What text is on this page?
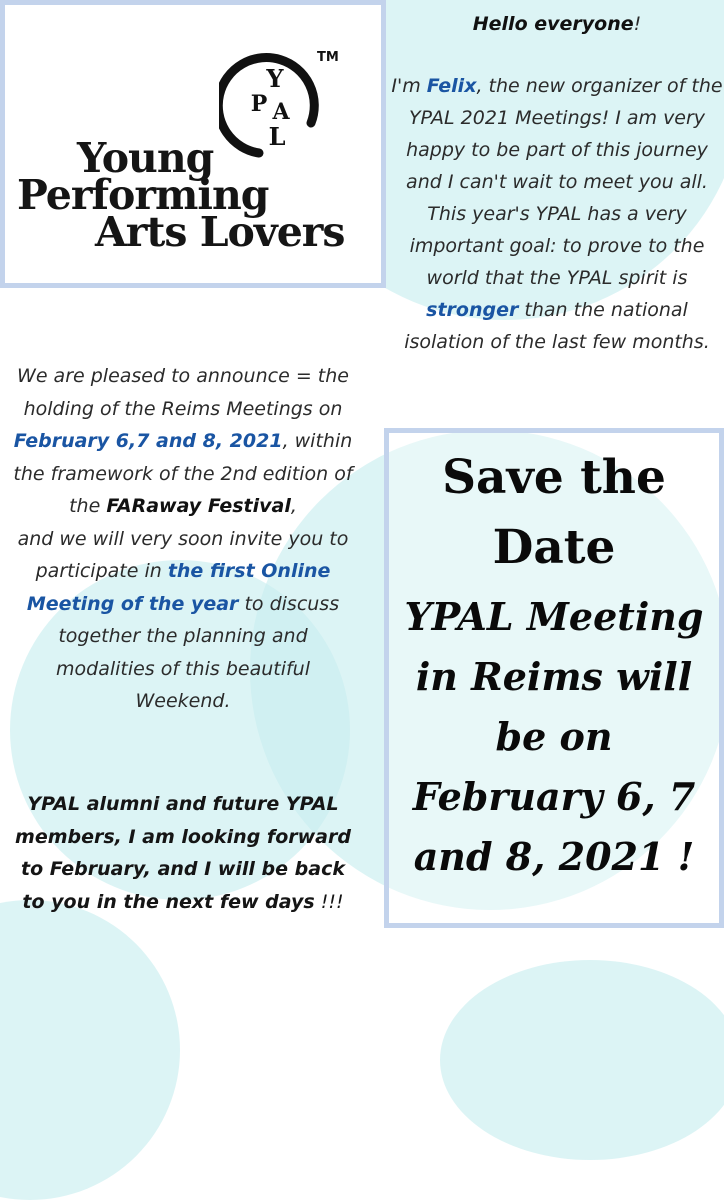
Y
P A
L
TM
Young
Performing
Arts Lovers

Hello everyone!

I'm Felix, the new organizer of the YPAL 2021 Meetings! I am very happy to be part of this journey and I can't wait to meet you all.

This year's YPAL has a very important goal: to prove to the world that the YPAL spirit is stronger than the national isolation of the last few months.

We are pleased to announce = the holding of the Reims Meetings on February 6,7 and 8, 2021, within the framework of the 2nd edition of the FARaway Festival,

and we will very soon invite you to participate in the first Online Meeting of the year to discuss together the planning and modalities of this beautiful Weekend.

YPAL alumni and future YPAL members, I am looking forward to February, and I will be back to you in the next few days !!!
Save the Date
YPAL Meeting
in Reims will
be on
February 6, 7
and 8, 2021 !
